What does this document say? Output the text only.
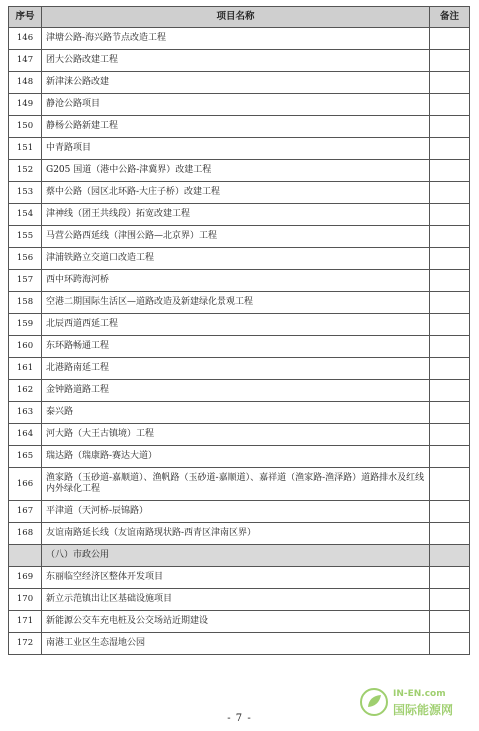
序号	项目名称	备注
146	津塘公路-海兴路节点改造工程	
147	团大公路改建工程	
148	新津涞公路改建	
149	静沧公路项目	
150	静杨公路新建工程	
151	中青路项目	
152	G205 国道（港中公路-津冀界）改建工程	
153	蔡中公路（园区北环路-大庄子桥）改建工程	
154	津神线（团王共线段）拓宽改建工程	
155	马营公路西延线（津围公路—北京界）工程	
156	津浦铁路立交道口改造工程	
157	西中环跨海河桥	
158	空港二期国际生活区—道路改造及新建绿化景观工程	
159	北辰西道西延工程	
160	东环路畅通工程	
161	北港路南延工程	
162	金钟路道路工程	
163	泰兴路	
164	河大路（大王古镇境）工程	
165	瑞达路（瑞康路-赛达大道）	
166	渔家路（玉砂道-嘉顺道）、渔帆路（玉砂道-嘉顺道）、嘉祥道（渔家路-渔泽路）道路排水及红线内外绿化工程	
167	平津道（天河桥-辰锦路）	
168	友谊南路延长线（友谊南路现状路-西青区津南区界）	
	（八）市政公用	
169	东丽临空经济区整体开发项目	
170	新立示范镇出让区基础设施项目	
171	新能源公交车充电桩及公交场站近期建设	
172	南港工业区生态湿地公园	
- 7 -
IN-EN.com
国际能源网
